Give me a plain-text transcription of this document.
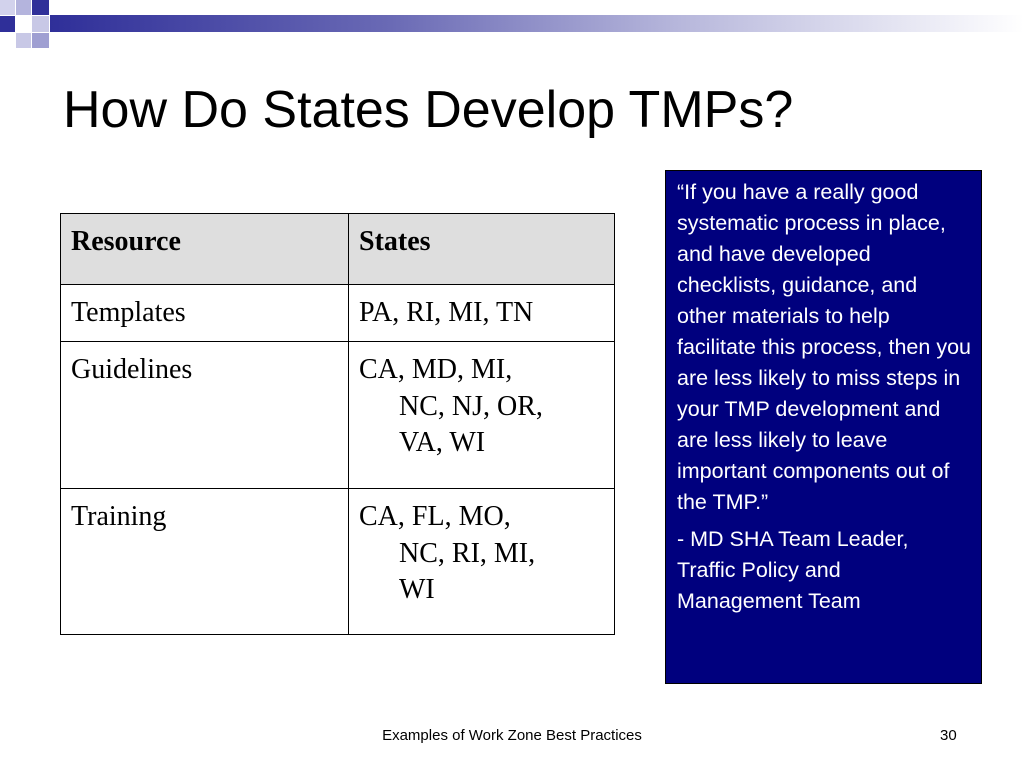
How Do States Develop TMPs?
Resource	States
Templates	PA, RI, MI, TN
Guidelines	CA, MD, MI,
NC, NJ, OR,
VA, WI

Training	CA, FL, MO,
NC, RI, MI,
WI

“If you have a really good systematic process in place, and have developed checklists, guidance, and other materials to help facilitate this process, then you are less likely to miss steps in your TMP development and are less likely to leave important components out of the TMP.”

- MD SHA Team Leader, Traffic Policy and Management Team

Examples of Work Zone Best Practices	30
